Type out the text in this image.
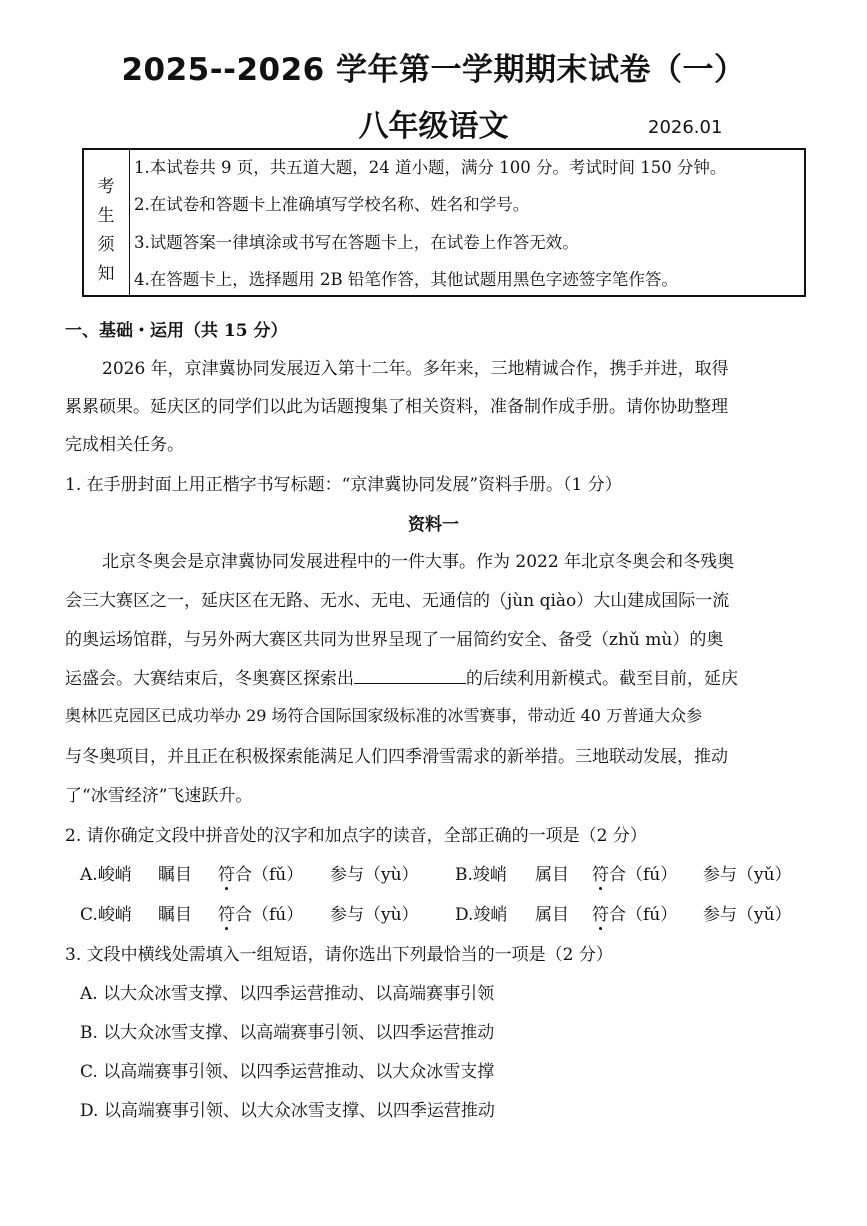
2025--2026 学年第一学期期末试卷（一）
八年级语文	2026.01
考
生
须
知
1.本试卷共 9 页，共五道大题，24 道小题，满分 100 分。考试时间 150 分钟。
2.在试卷和答题卡上准确填写学校名称、姓名和学号。
3.试题答案一律填涂或书写在答题卡上，在试卷上作答无效。
4.在答题卡上，选择题用 2B 铅笔作答，其他试题用黑色字迹签字笔作答。
一、基础・运用（共 15 分）
2026 年，京津冀协同发展迈入第十二年。多年来，三地精诚合作，携手并进，取得
累累硕果。延庆区的同学们以此为话题搜集了相关资料，准备制作成手册。请你协助整理
完成相关任务。
1. 在手册封面上用正楷字书写标题：“京津冀协同发展”资料手册。（1 分）
资料一
北京冬奥会是京津冀协同发展进程中的一件大事。作为 2022 年北京冬奥会和冬残奥
会三大赛区之一，延庆区在无路、无水、无电、无通信的（jùn qiào）大山建成国际一流
的奥运场馆群，与另外两大赛区共同为世界呈现了一届简约安全、备受（zhǔ mù）的奥
运盛会。大赛结束后，冬奥赛区探索出	的后续利用新模式。截至目前，延庆
奥林匹克园区已成功举办 29 场符合国际国家级标准的冰雪赛事，带动近 40 万普通大众参
与冬奥项目，并且正在积极探索能满足人们四季滑雪需求的新举措。三地联动发展，推动
了“冰雪经济”飞速跃升。
2. 请你确定文段中拼音处的汉字和加点字的读音，全部正确的一项是（2 分）
A.峻峭 瞩目 符合（fǔ） 参与（yù） B.竣峭 属目 符合（fú） 参与（yǔ）
C.峻峭 瞩目 符合（fú） 参与（yù） D.竣峭 属目 符合（fú） 参与（yǔ）
3. 文段中横线处需填入一组短语，请你选出下列最恰当的一项是（2 分）
A. 以大众冰雪支撑、以四季运营推动、以高端赛事引领
B. 以大众冰雪支撑、以高端赛事引领、以四季运营推动
C. 以高端赛事引领、以四季运营推动、以大众冰雪支撑
D. 以高端赛事引领、以大众冰雪支撑、以四季运营推动
